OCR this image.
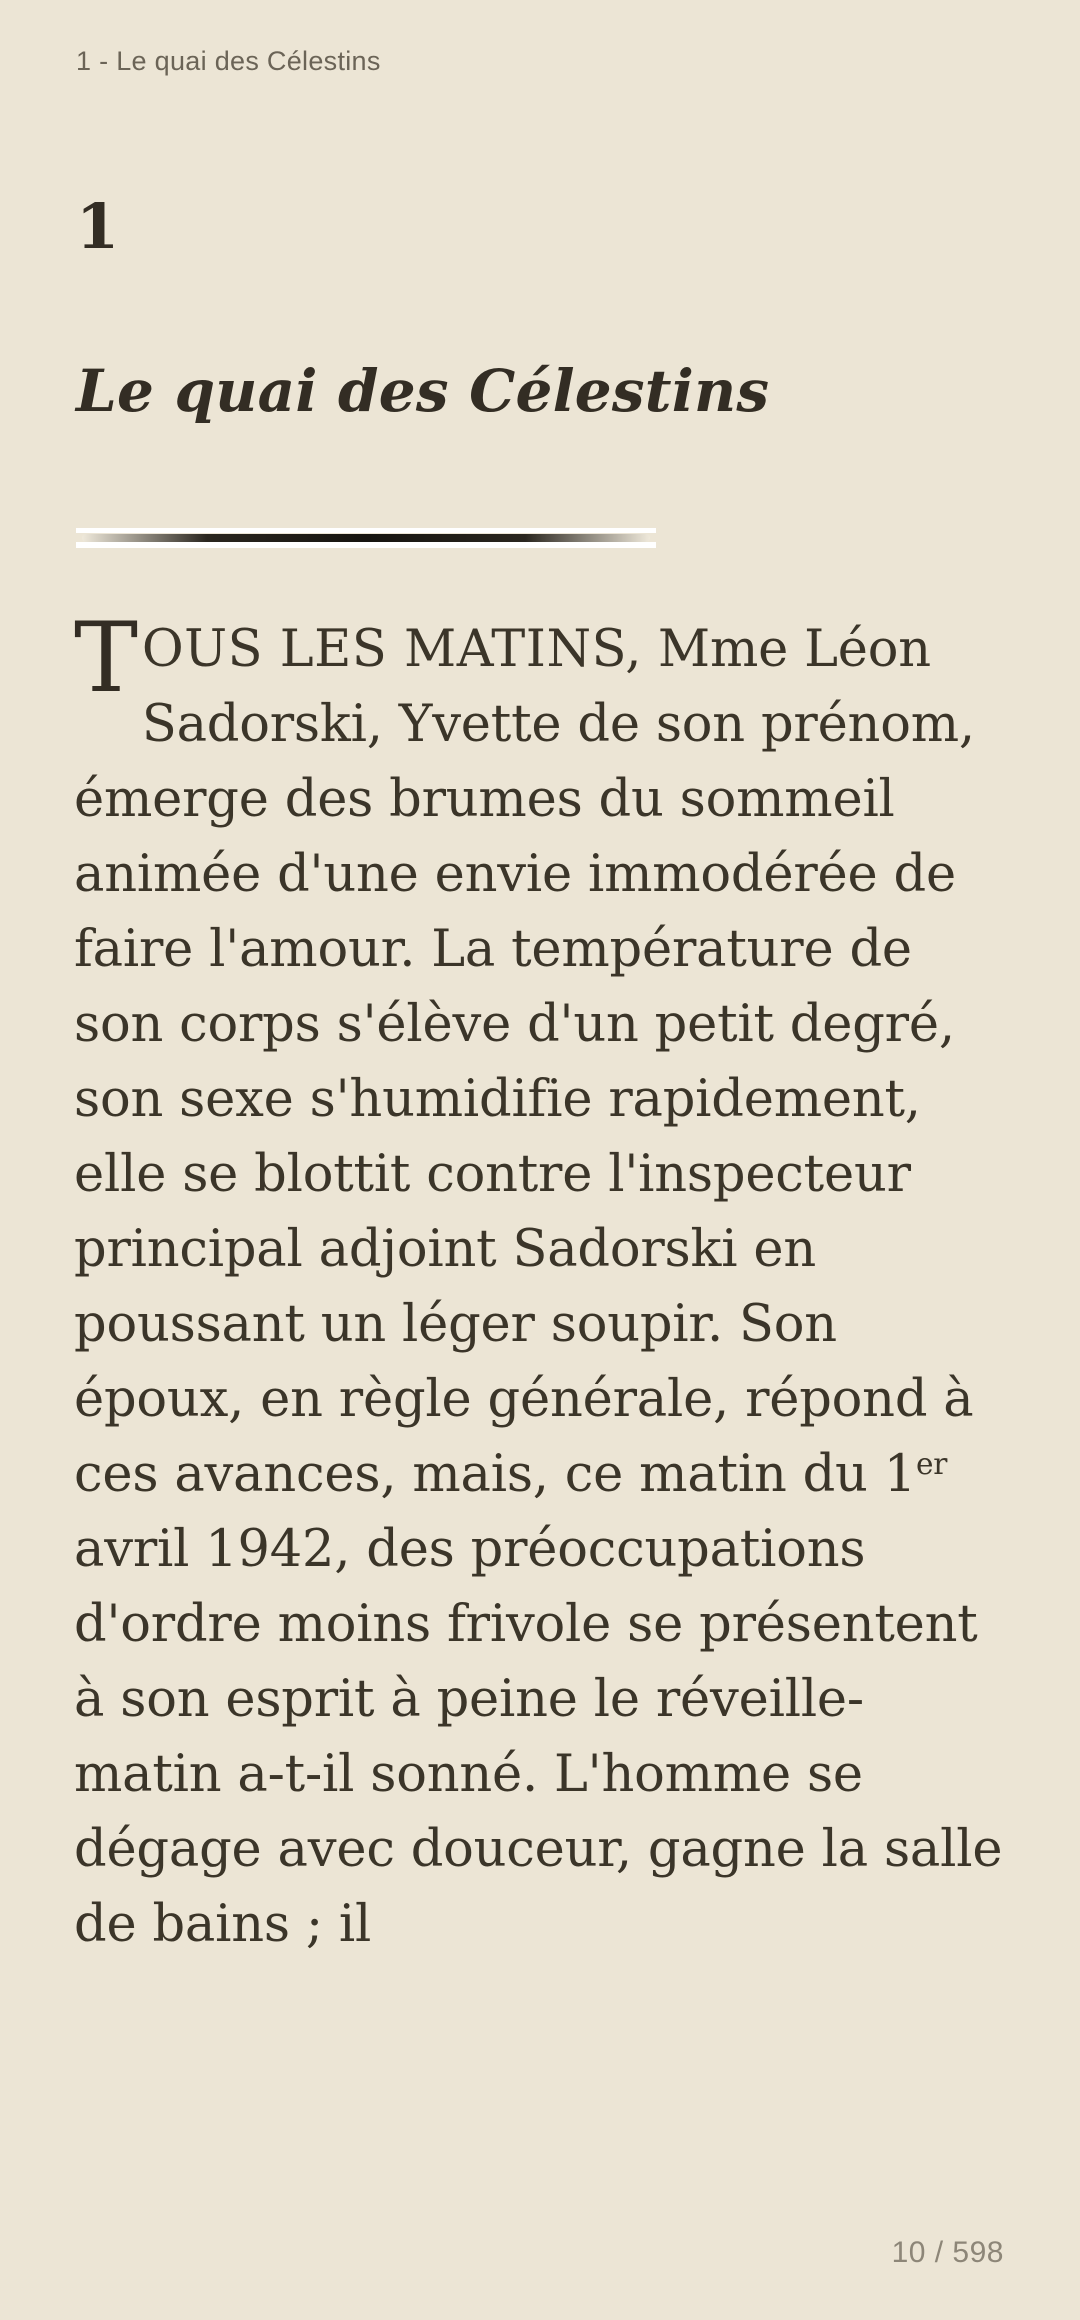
1 - Le quai des Célestins
1
Le quai des Célestins
TOUS LES MATINS, Mme Léon Sadorski, Yvette de son prénom, émerge des brumes du sommeil animée d'une envie immodérée de faire l'amour. La température de son corps s'élève d'un petit degré, son sexe s'humidifie rapidement, elle se blottit contre l'inspecteur principal adjoint Sadorski en poussant un léger soupir. Son époux, en règle générale, répond à ces avances, mais, ce matin du 1er avril 1942, des préoccupations d'ordre moins frivole se présentent à son esprit à peine le réveille-matin a-t-il sonné. L'homme se dégage avec douceur, gagne la salle de bains ; il
10 / 598
